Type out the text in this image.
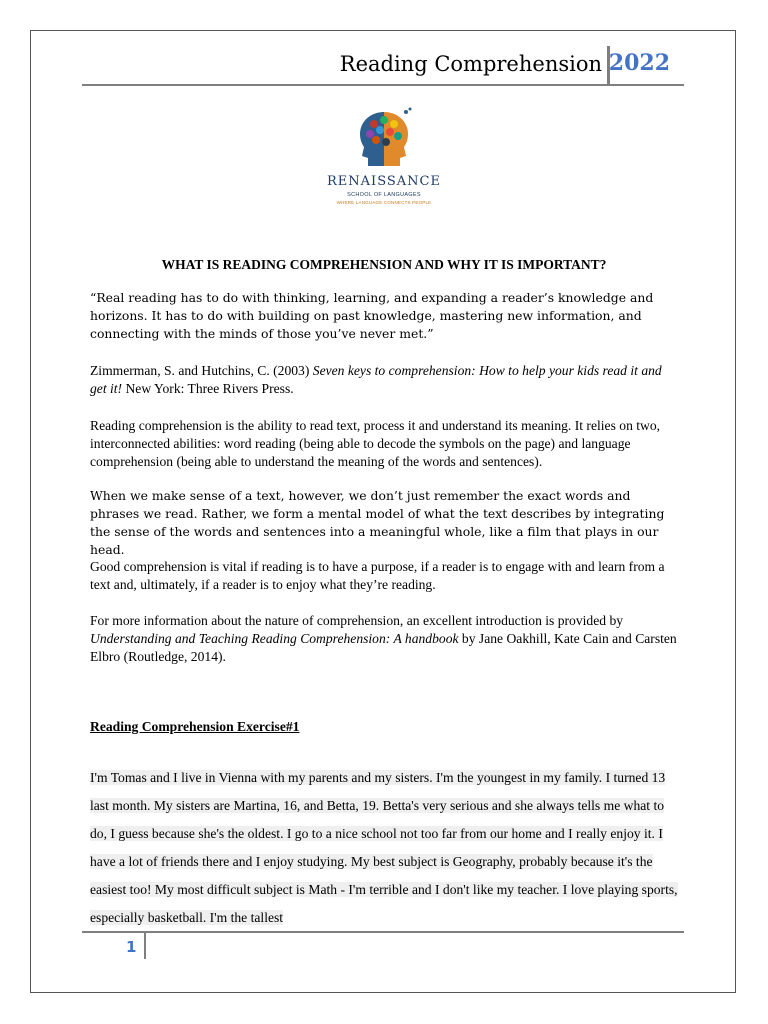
Reading Comprehension 2022
RENAISSANCE
SCHOOL OF LANGUAGES
WHERE LANGUAGE CONNECTS PEOPLE
WHAT IS READING COMPREHENSION AND WHY IT IS IMPORTANT?
“Real reading has to do with thinking, learning, and expanding a reader’s knowledge and horizons. It has to do with building on past knowledge, mastering new information, and connecting with the minds of those you’ve never met.”
Zimmerman, S. and Hutchins, C. (2003) Seven keys to comprehension: How to help your kids read it and get it! New York: Three Rivers Press.
Reading comprehension is the ability to read text, process it and understand its meaning. It relies on two, interconnected abilities: word reading (being able to decode the symbols on the page) and language comprehension (being able to understand the meaning of the words and sentences).
When we make sense of a text, however, we don’t just remember the exact words and phrases we read. Rather, we form a mental model of what the text describes by integrating the sense of the words and sentences into a meaningful whole, like a film that plays in our head.
Good comprehension is vital if reading is to have a purpose, if a reader is to engage with and learn from a text and, ultimately, if a reader is to enjoy what they’re reading.
For more information about the nature of comprehension, an excellent introduction is provided by Understanding and Teaching Reading Comprehension: A handbook by Jane Oakhill, Kate Cain and Carsten Elbro (Routledge, 2014).
Reading Comprehension Exercise#1
I'm Tomas and I live in Vienna with my parents and my sisters. I'm the youngest in my family. I turned 13 last month. My sisters are Martina, 16, and Betta, 19. Betta's very serious and she always tells me what to do, I guess because she's the oldest. I go to a nice school not too far from our home and I really enjoy it. I have a lot of friends there and I enjoy studying. My best subject is Geography, probably because it's the easiest too! My most difficult subject is Math - I'm terrible and I don't like my teacher. I love playing sports, especially basketball. I'm the tallest
1
